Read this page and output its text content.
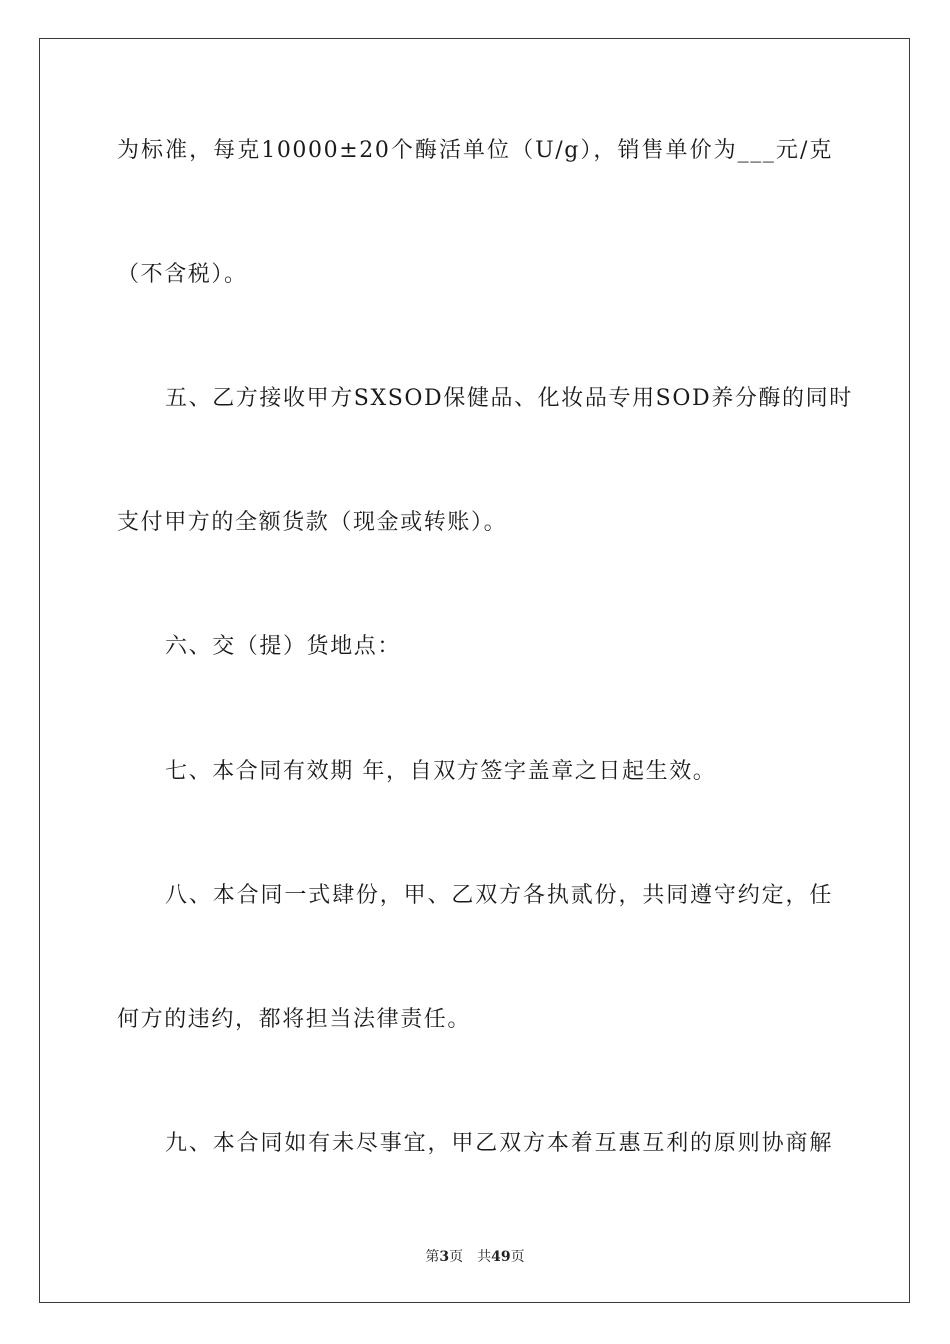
为标准，每克10000±20个酶活单位（U/g），销售单价为___元/克
（不含税）。
五、乙方接收甲方SXSOD保健品、化妆品专用SOD养分酶的同时
支付甲方的全额货款（现金或转账）。
六、交（提）货地点：
七、本合同有效期 年，自双方签字盖章之日起生效。
八、本合同一式肆份，甲、乙双方各执贰份，共同遵守约定，任
何方的违约，都将担当法律责任。
九、本合同如有未尽事宜，甲乙双方本着互惠互利的原则协商解
第3页 共49页
